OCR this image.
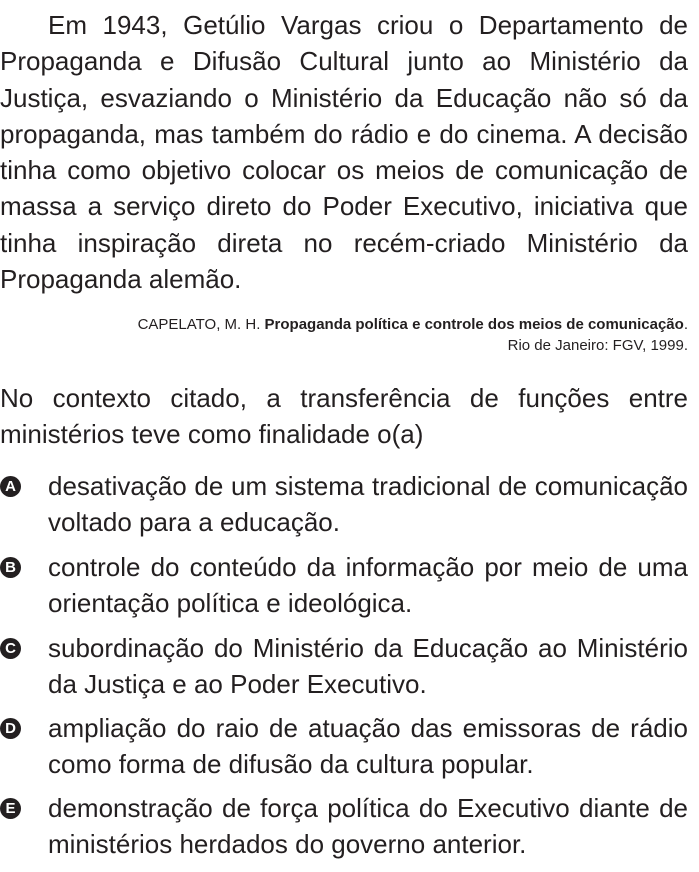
Em 1943, Getúlio Vargas criou o Departamento de Propaganda e Difusão Cultural junto ao Ministério da Justiça, esvaziando o Ministério da Educação não só da propaganda, mas também do rádio e do cinema. A decisão tinha como objetivo colocar os meios de comunicação de massa a serviço direto do Poder Executivo, iniciativa que tinha inspiração direta no recém-criado Ministério da Propaganda alemão.

CAPELATO, M. H. Propaganda política e controle dos meios de comunicação.
Rio de Janeiro: FGV, 1999.

No contexto citado, a transferência de funções entre ministérios teve como finalidade o(a)

A desativação de um sistema tradicional de comunicação voltado para a educação.

B controle do conteúdo da informação por meio de uma orientação política e ideológica.

C subordinação do Ministério da Educação ao Ministério da Justiça e ao Poder Executivo.

D ampliação do raio de atuação das emissoras de rádio como forma de difusão da cultura popular.

E demonstração de força política do Executivo diante de ministérios herdados do governo anterior.
